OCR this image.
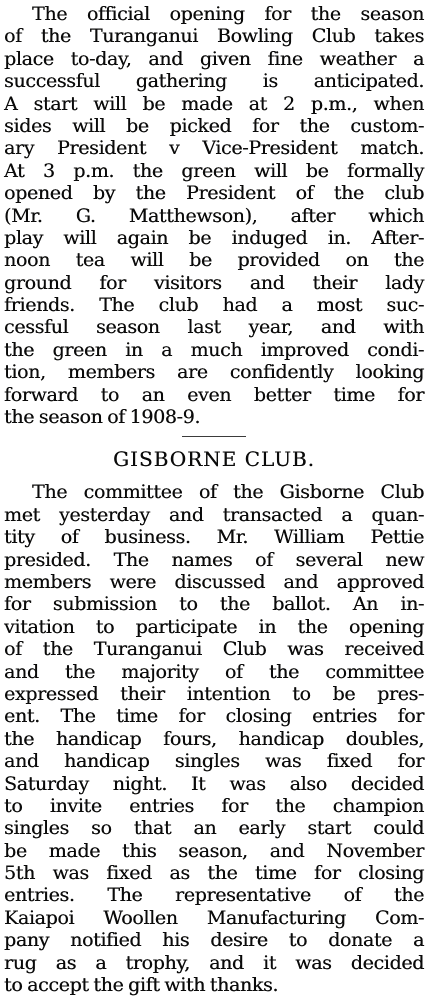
The official opening for the season
of the Turanganui Bowling Club takes
place to-day, and given fine weather a
successful gathering is anticipated.
A start will be made at 2 p.m., when
sides will be picked for the custom-
ary President v Vice-President match.
At 3 p.m. the green will be formally
opened by the President of the club
(Mr. G. Matthewson), after which
play will again be induged in. After-
noon tea will be provided on the
ground for visitors and their lady
friends. The club had a most suc-
cessful season last year, and with
the green in a much improved condi-
tion, members are confidently looking
forward to an even better time for
the season of 1908-9.
GISBORNE CLUB.
The committee of the Gisborne Club
met yesterday and transacted a quan-
tity of business. Mr. William Pettie
presided. The names of several new
members were discussed and approved
for submission to the ballot. An in-
vitation to participate in the opening
of the Turanganui Club was received
and the majority of the committee
expressed their intention to be pres-
ent. The time for closing entries for
the handicap fours, handicap doubles,
and handicap singles was fixed for
Saturday night. It was also decided
to invite entries for the champion
singles so that an early start could
be made this season, and November
5th was fixed as the time for closing
entries. The representative of the
Kaiapoi Woollen Manufacturing Com-
pany notified his desire to donate a
rug as a trophy, and it was decided
to accept the gift with thanks.
